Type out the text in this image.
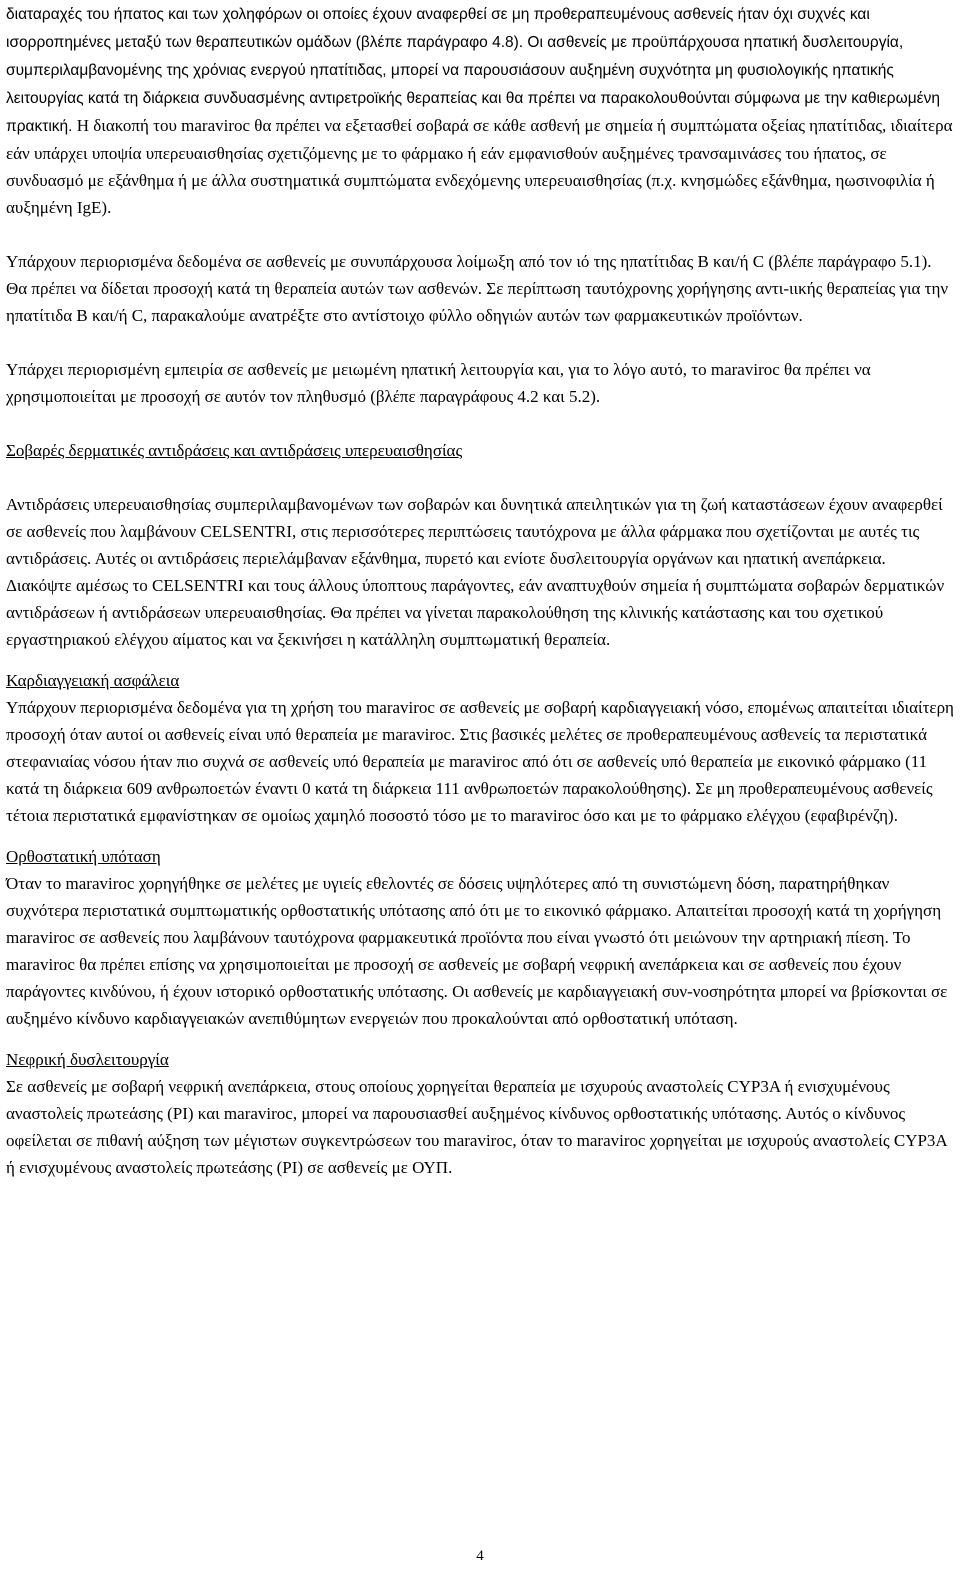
διαταραχές του ήπατος και των χοληφόρων οι οποίες έχουν αναφερθεί σε μη προθεραπευμένους ασθενείς ήταν όχι συχνές και ισορροπημένες μεταξύ των θεραπευτικών ομάδων (βλέπε παράγραφο 4.8). Οι ασθενείς με προϋπάρχουσα ηπατική δυσλειτουργία, συμπεριλαμβανομένης της χρόνιας ενεργού ηπατίτιδας, μπορεί να παρουσιάσουν αυξημένη συχνότητα μη φυσιολογικής ηπατικής λειτουργίας κατά τη διάρκεια συνδυασμένης αντιρετροϊκής θεραπείας και θα πρέπει να παρακολουθούνται σύμφωνα με την καθιερωμένη πρακτική. Η διακοπή του maraviroc θα πρέπει να εξετασθεί σοβαρά σε κάθε ασθενή με σημεία ή συμπτώματα οξείας ηπατίτιδας, ιδιαίτερα εάν υπάρχει υποψία υπερευαισθησίας σχετιζόμενης με το φάρμακο ή εάν εμφανισθούν αυξημένες τρανσαμινάσες του ήπατος, σε συνδυασμό με εξάνθημα ή με άλλα συστηματικά συμπτώματα ενδεχόμενης υπερευαισθησίας (π.χ. κνησμώδες εξάνθημα, ηωσινοφιλία ή αυξημένη IgE).

Υπάρχουν περιορισμένα δεδομένα σε ασθενείς με συνυπάρχουσα λοίμωξη από τον ιό της ηπατίτιδας B και/ή C (βλέπε παράγραφο 5.1). Θα πρέπει να δίδεται προσοχή κατά τη θεραπεία αυτών των ασθενών. Σε περίπτωση ταυτόχρονης χορήγησης αντι-ιικής θεραπείας για την ηπατίτιδα Β και/ή C, παρακαλούμε ανατρέξτε στο αντίστοιχο φύλλο οδηγιών αυτών των φαρμακευτικών προϊόντων.

Υπάρχει περιορισμένη εμπειρία σε ασθενείς με μειωμένη ηπατική λειτουργία και, για το λόγο αυτό, το maraviroc θα πρέπει να χρησιμοποιείται με προσοχή σε αυτόν τον πληθυσμό (βλέπε παραγράφους 4.2 και 5.2).

Σοβαρές δερματικές αντιδράσεις και αντιδράσεις υπερευαισθησίας

Αντιδράσεις υπερευαισθησίας συμπεριλαμβανομένων των σοβαρών και δυνητικά απειλητικών για τη ζωή καταστάσεων έχουν αναφερθεί σε ασθενείς που λαμβάνουν CELSENTRI, στις περισσότερες περιπτώσεις ταυτόχρονα με άλλα φάρμακα που σχετίζονται με αυτές τις αντιδράσεις. Αυτές οι αντιδράσεις περιελάμβαναν εξάνθημα, πυρετό και ενίοτε δυσλειτουργία οργάνων και ηπατική ανεπάρκεια. Διακόψτε αμέσως το CELSENTRI και τους άλλους ύποπτους παράγοντες, εάν αναπτυχθούν σημεία ή συμπτώματα σοβαρών δερματικών αντιδράσεων ή αντιδράσεων υπερευαισθησίας. Θα πρέπει να γίνεται παρακολούθηση της κλινικής κατάστασης και του σχετικού εργαστηριακού ελέγχου αίματος και να ξεκινήσει η κατάλληλη συμπτωματική θεραπεία.

Καρδιαγγειακή ασφάλεια

Υπάρχουν περιορισμένα δεδομένα για τη χρήση του maraviroc σε ασθενείς με σοβαρή καρδιαγγειακή νόσο, επομένως απαιτείται ιδιαίτερη προσοχή όταν αυτοί οι ασθενείς είναι υπό θεραπεία με maraviroc. Στις βασικές μελέτες σε προθεραπευμένους ασθενείς τα περιστατικά στεφανιαίας νόσου ήταν πιο συχνά σε ασθενείς υπό θεραπεία με maraviroc από ότι σε ασθενείς υπό θεραπεία με εικονικό φάρμακο (11 κατά τη διάρκεια 609 ανθρωποετών έναντι 0 κατά τη διάρκεια 111 ανθρωποετών παρακολούθησης). Σε μη προθεραπευμένους ασθενείς τέτοια περιστατικά εμφανίστηκαν σε ομοίως χαμηλό ποσοστό τόσο με το maraviroc όσο και με το φάρμακο ελέγχου (εφαβιρένζη).

Ορθοστατική υπόταση

Όταν το maraviroc χορηγήθηκε σε μελέτες με υγιείς εθελοντές σε δόσεις υψηλότερες από τη συνιστώμενη δόση, παρατηρήθηκαν συχνότερα περιστατικά συμπτωματικής ορθοστατικής υπότασης από ότι με το εικονικό φάρμακο. Απαιτείται προσοχή κατά τη χορήγηση maraviroc σε ασθενείς που λαμβάνουν ταυτόχρονα φαρμακευτικά προϊόντα που είναι γνωστό ότι μειώνουν την αρτηριακή πίεση. Το maraviroc θα πρέπει επίσης να χρησιμοποιείται με προσοχή σε ασθενείς με σοβαρή νεφρική ανεπάρκεια και σε ασθενείς που έχουν παράγοντες κινδύνου, ή έχουν ιστορικό ορθοστατικής υπότασης. Οι ασθενείς με καρδιαγγειακή συν-νοσηρότητα μπορεί να βρίσκονται σε αυξημένο κίνδυνο καρδιαγγειακών ανεπιθύμητων ενεργειών που προκαλούνται από ορθοστατική υπόταση.

Νεφρική δυσλειτουργία

Σε ασθενείς με σοβαρή νεφρική ανεπάρκεια, στους οποίους χορηγείται θεραπεία με ισχυρούς αναστολείς CYP3A ή ενισχυμένους αναστολείς πρωτεάσης (PI) και maraviroc, μπορεί να παρουσιασθεί αυξημένος κίνδυνος ορθοστατικής υπότασης. Αυτός ο κίνδυνος οφείλεται σε πιθανή αύξηση των μέγιστων συγκεντρώσεων του maraviroc, όταν το maraviroc χορηγείται με ισχυρούς αναστολείς CYP3A ή ενισχυμένους αναστολείς πρωτεάσης (PI) σε ασθενείς με ΟΥΠ.

4
